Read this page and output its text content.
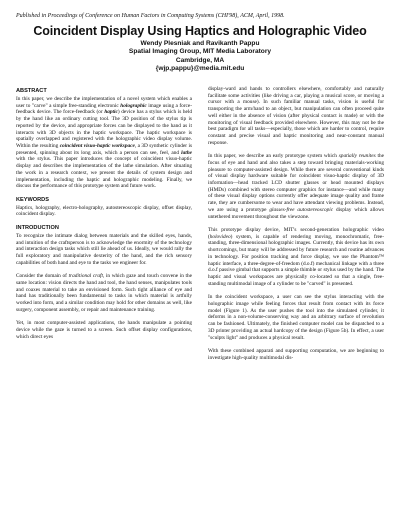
Published in Proceedings of Conference on Human Factors in Computing Systems (CHI'98), ACM, April, 1998.
Coincident Display Using Haptics and Holographic Video
Wendy Plesniak and Ravikanth Pappu
Spatial Imaging Group, MIT Media Laboratory
Cambridge, MA
{wjp,pappu}@media.mit.edu
ABSTRACT

In this paper, we describe the implementation of a novel system which enables a user to "carve" a simple free-standing electronic holographic image using a force-feedback device. The force-feedback (or haptic) device has a stylus which is held by the hand like an ordinary cutting tool. The 3D position of the stylus tip is reported by the device, and appropriate forces can be displayed to the hand as it interacts with 3D objects in the haptic workspace. The haptic workspace is spatially overlapped and registered with the holographic video display volume. Within the resulting coincident visuo-haptic workspace, a 3D synthetic cylinder is presented, spinning about its long axis, which a person can see, feel, and lathe with the stylus. This paper introduces the concept of coincident visuo-haptic display and describes the implementation of the lathe simulation. After situating the work in a research context, we present the details of system design and implementation, including the haptic and holographic modeling. Finally, we discuss the performance of this prototype system and future work.

KEYWORDS

Haptics, holography, electro-holography, autostereoscopic display, offset display, coincident display.

INTRODUCTION

To recognize the intimate dialog between materials and the skilled eyes, hands, and intuition of the craftsperson is to acknowledge the enormity of the technology and interaction design tasks which still lie ahead of us. Ideally, we would rally the full exploratory and manipulative dexterity of the hand, and the rich sensory capabilities of both hand and eye to the tasks we engineer for.

Consider the domain of traditional craft, in which gaze and touch convene in the same location: vision directs the hand and tool, the hand senses, manipulates tools and coaxes material to take an envisioned form. Such tight alliance of eye and hand has traditionally been fundamental to tasks in which material is artfully worked into form, and a similar condition may hold for other domains as well, like surgery, component assembly, or repair and maintenance training.

Yet, in most computer-assisted applications, the hands manipulate a pointing device while the gaze is turned to a screen. Such offset display configurations, which direct eyes

display-ward and hands to controllers elsewhere, comfortably and naturally facilitate some activities (like driving a car, playing a musical score, or moving a cursor with a mouse). In such familiar manual tasks, vision is useful for transporting the arm/hand to an object, but manipulation can often proceed quite well either in the absence of vision (after physical contact is made) or with the monitoring of visual feedback provided elsewhere. However, this may not be the best paradigm for all tasks—especially, those which are harder to control, require constant and precise visual and haptic monitoring and near-constant manual response.

In this paper, we describe an early prototype system which spatially reunites the focus of eye and hand and also takes a step toward bringing materials-working pleasure to computer-assisted design. While there are several conventional kinds of visual display hardware suitable for coincident visuo-haptic display of 3D information—head tracked LCD shutter glasses or head mounted displays (HMDs) combined with stereo computer graphics for instance—and while many of these visual display options currently offer adequate image quality and frame rate, they are cumbersome to wear and have attendant viewing problems. Instead, we are using a prototype glasses-free autostereoscopic display which allows untethered movement throughout the viewzone.

This prototype display device, MIT's second-generation holographic video (holovideo) system, is capable of rendering moving, monochromatic, free-standing, three-dimensional holographic images. Currently, this device has its own shortcomings, but many will be addressed by future research and routine advances in technology. For position tracking and force display, we use the Phantom™ haptic interface, a three-degree-of-freedom (d.o.f) mechanical linkage with a three d.o.f passive gimbal that supports a simple thimble or stylus used by the hand. The haptic and visual workspaces are physically co-located so that a single, free-standing multimodal image of a cylinder to be "carved" is presented.

In the coincident workspace, a user can see the stylus interacting with the holographic image while feeling forces that result from contact with its force model (Figure 1). As the user pushes the tool into the simulated cylinder, it deforms in a non-volume-conserving way and an arbitrary surface of revolution can be fashioned. Ultimately, the finished computer model can be dispatched to a 3D printer providing an actual hardcopy of the design (Figure 5b). In effect, a user "sculpts light" and produces a physical result.

With these combined apparati and supporting computation, we are beginning to investigate high-quality multimodal dis-
